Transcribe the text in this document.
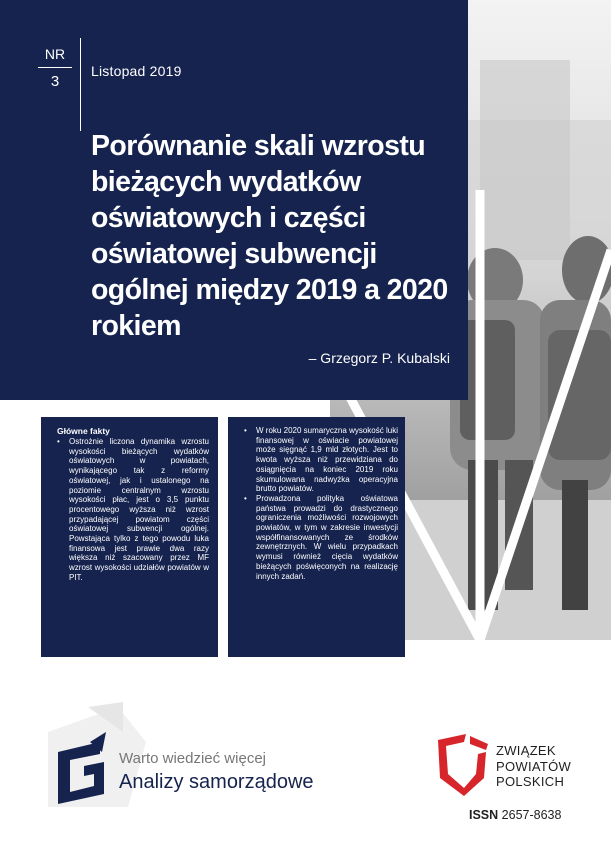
NR
3
Listopad 2019
Porównanie skali wzrostu bieżących wydatków oświatowych i części oświatowej subwencji ogólnej między 2019 a 2020 rokiem
– Grzegorz P. Kubalski
Główne fakty
• Ostrożnie liczona dynamika wzrostu wysokości bieżących wydatków oświatowych w powiatach, wynikającego tak z reformy oświatowej, jak i ustalonego na poziomie centralnym wzrostu wysokości płac, jest o 3,5 punktu procentowego wyższa niż wzrost przypadającej powiatom części oświatowej subwencji ogólnej. Powstająca tylko z tego powodu luka finansowa jest prawie dwa razy większa niż szacowany przez MF wzrost wysokości udziałów powiatów w PIT.
• W roku 2020 sumaryczna wysokość luki finansowej w oświacie powiatowej może sięgnąć 1,9 mld złotych. Jest to kwota wyższa niż przewidziana do osiągnięcia na koniec 2019 roku skumulowana nadwyżka operacyjna brutto powiatów.
• Prowadzona polityka oświatowa państwa prowadzi do drastycznego ograniczenia możliwości rozwojowych powiatów, w tym w zakresie inwestycji współfinansowanych ze środków zewnętrznych. W wielu przypadkach wymusi również cięcia wydatków bieżących poświęconych na realizację innych zadań.
Warto wiedzieć więcej
Analizy samorządowe
ZWIĄZEK
POWIATÓW
POLSKICH
ISSN 2657-8638
